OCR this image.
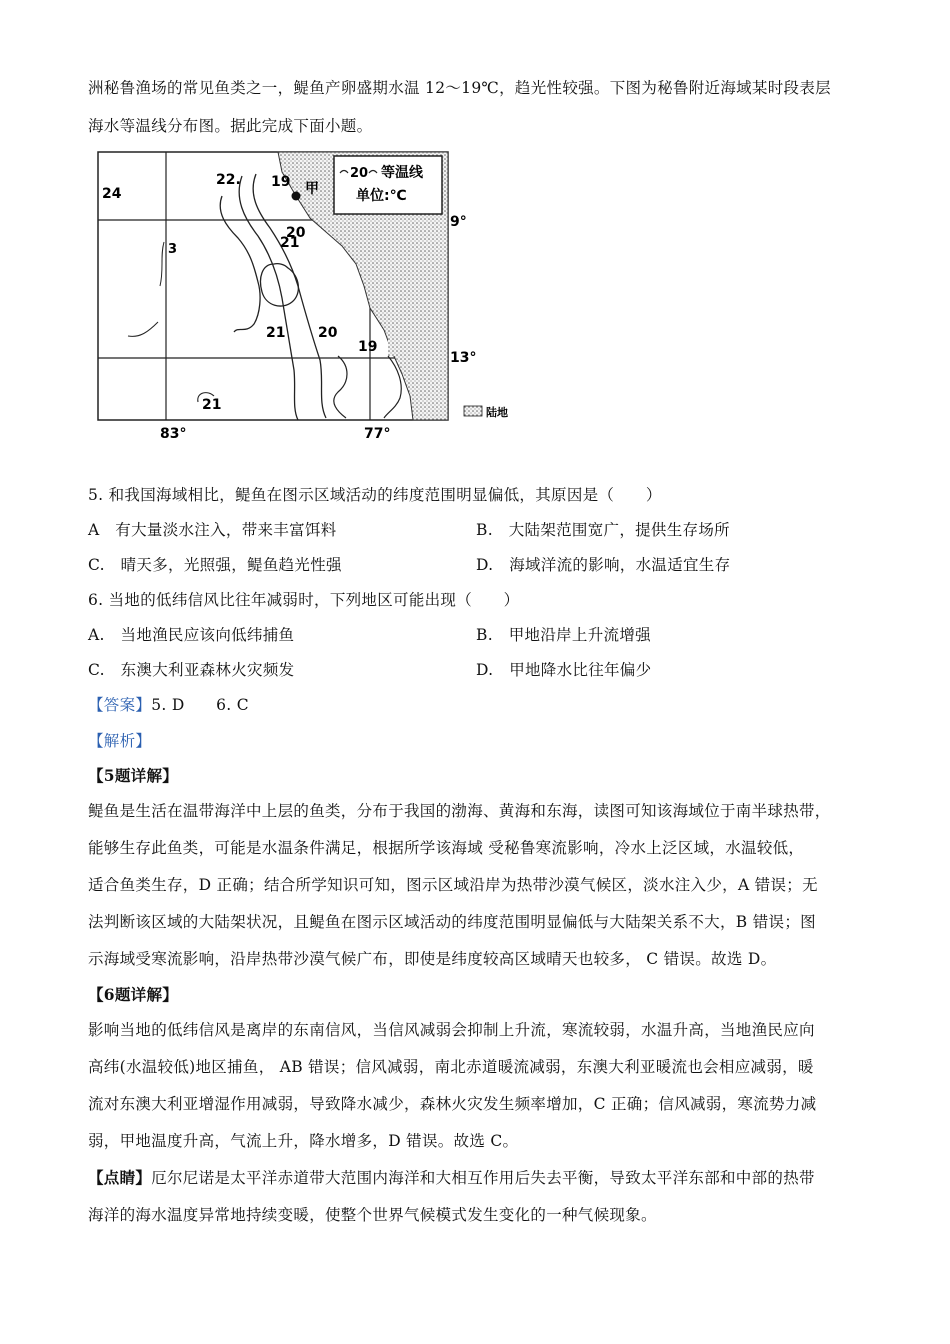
洲秘鲁渔场的常见鱼类之一，鳀鱼产卵盛期水温 12～19℃，趋光性较强。下图为秘鲁附近海域某时段表层
海水等温线分布图。据此完成下面小题。
20 等温线
单位:℃
甲
24
22. 19
20
3	21
21 20
19
21
9°
13°
83°	77°
陆地
5. 和我国海域相比，鳀鱼在图示区域活动的纬度范围明显偏低，其原因是（　　）
A　有大量淡水注入，带来丰富饵料	B.　大陆架范围宽广，提供生存场所
C.　晴天多，光照强，鳀鱼趋光性强	D.　海域洋流的影响，水温适宜生存
6. 当地的低纬信风比往年减弱时，下列地区可能出现（　　）
A.　当地渔民应该向低纬捕鱼	B.　甲地沿岸上升流增强
C.　东澳大利亚森林火灾频发	D.　甲地降水比往年偏少
【答案】5. D　　6. C
【解析】
【5题详解】
鳀鱼是生活在温带海洋中上层的鱼类，分布于我国的渤海、黄海和东海，读图可知该海域位于南半球热带，
能够生存此鱼类，可能是水温条件满足，根据所学该海域 受秘鲁寒流影响，冷水上泛区域，水温较低，
适合鱼类生存，D 正确；结合所学知识可知，图示区域沿岸为热带沙漠气候区，淡水注入少，A 错误；无
法判断该区域的大陆架状况，且鳀鱼在图示区域活动的纬度范围明显偏低与大陆架关系不大，B 错误；图
示海域受寒流影响，沿岸热带沙漠气候广布，即使是纬度较高区域晴天也较多， C 错误。故选 D。
【6题详解】
影响当地的低纬信风是离岸的东南信风，当信风减弱会抑制上升流，寒流较弱，水温升高，当地渔民应向
高纬(水温较低)地区捕鱼， AB 错误；信风减弱，南北赤道暖流减弱，东澳大利亚暖流也会相应减弱，暖
流对东澳大利亚增湿作用减弱，导致降水减少，森林火灾发生频率增加，C 正确；信风减弱，寒流势力减
弱，甲地温度升高，气流上升，降水增多，D 错误。故选 C。
【点睛】厄尔尼诺是太平洋赤道带大范围内海洋和大相互作用后失去平衡，导致太平洋东部和中部的热带
海洋的海水温度异常地持续变暖，使整个世界气候模式发生变化的一种气候现象。
